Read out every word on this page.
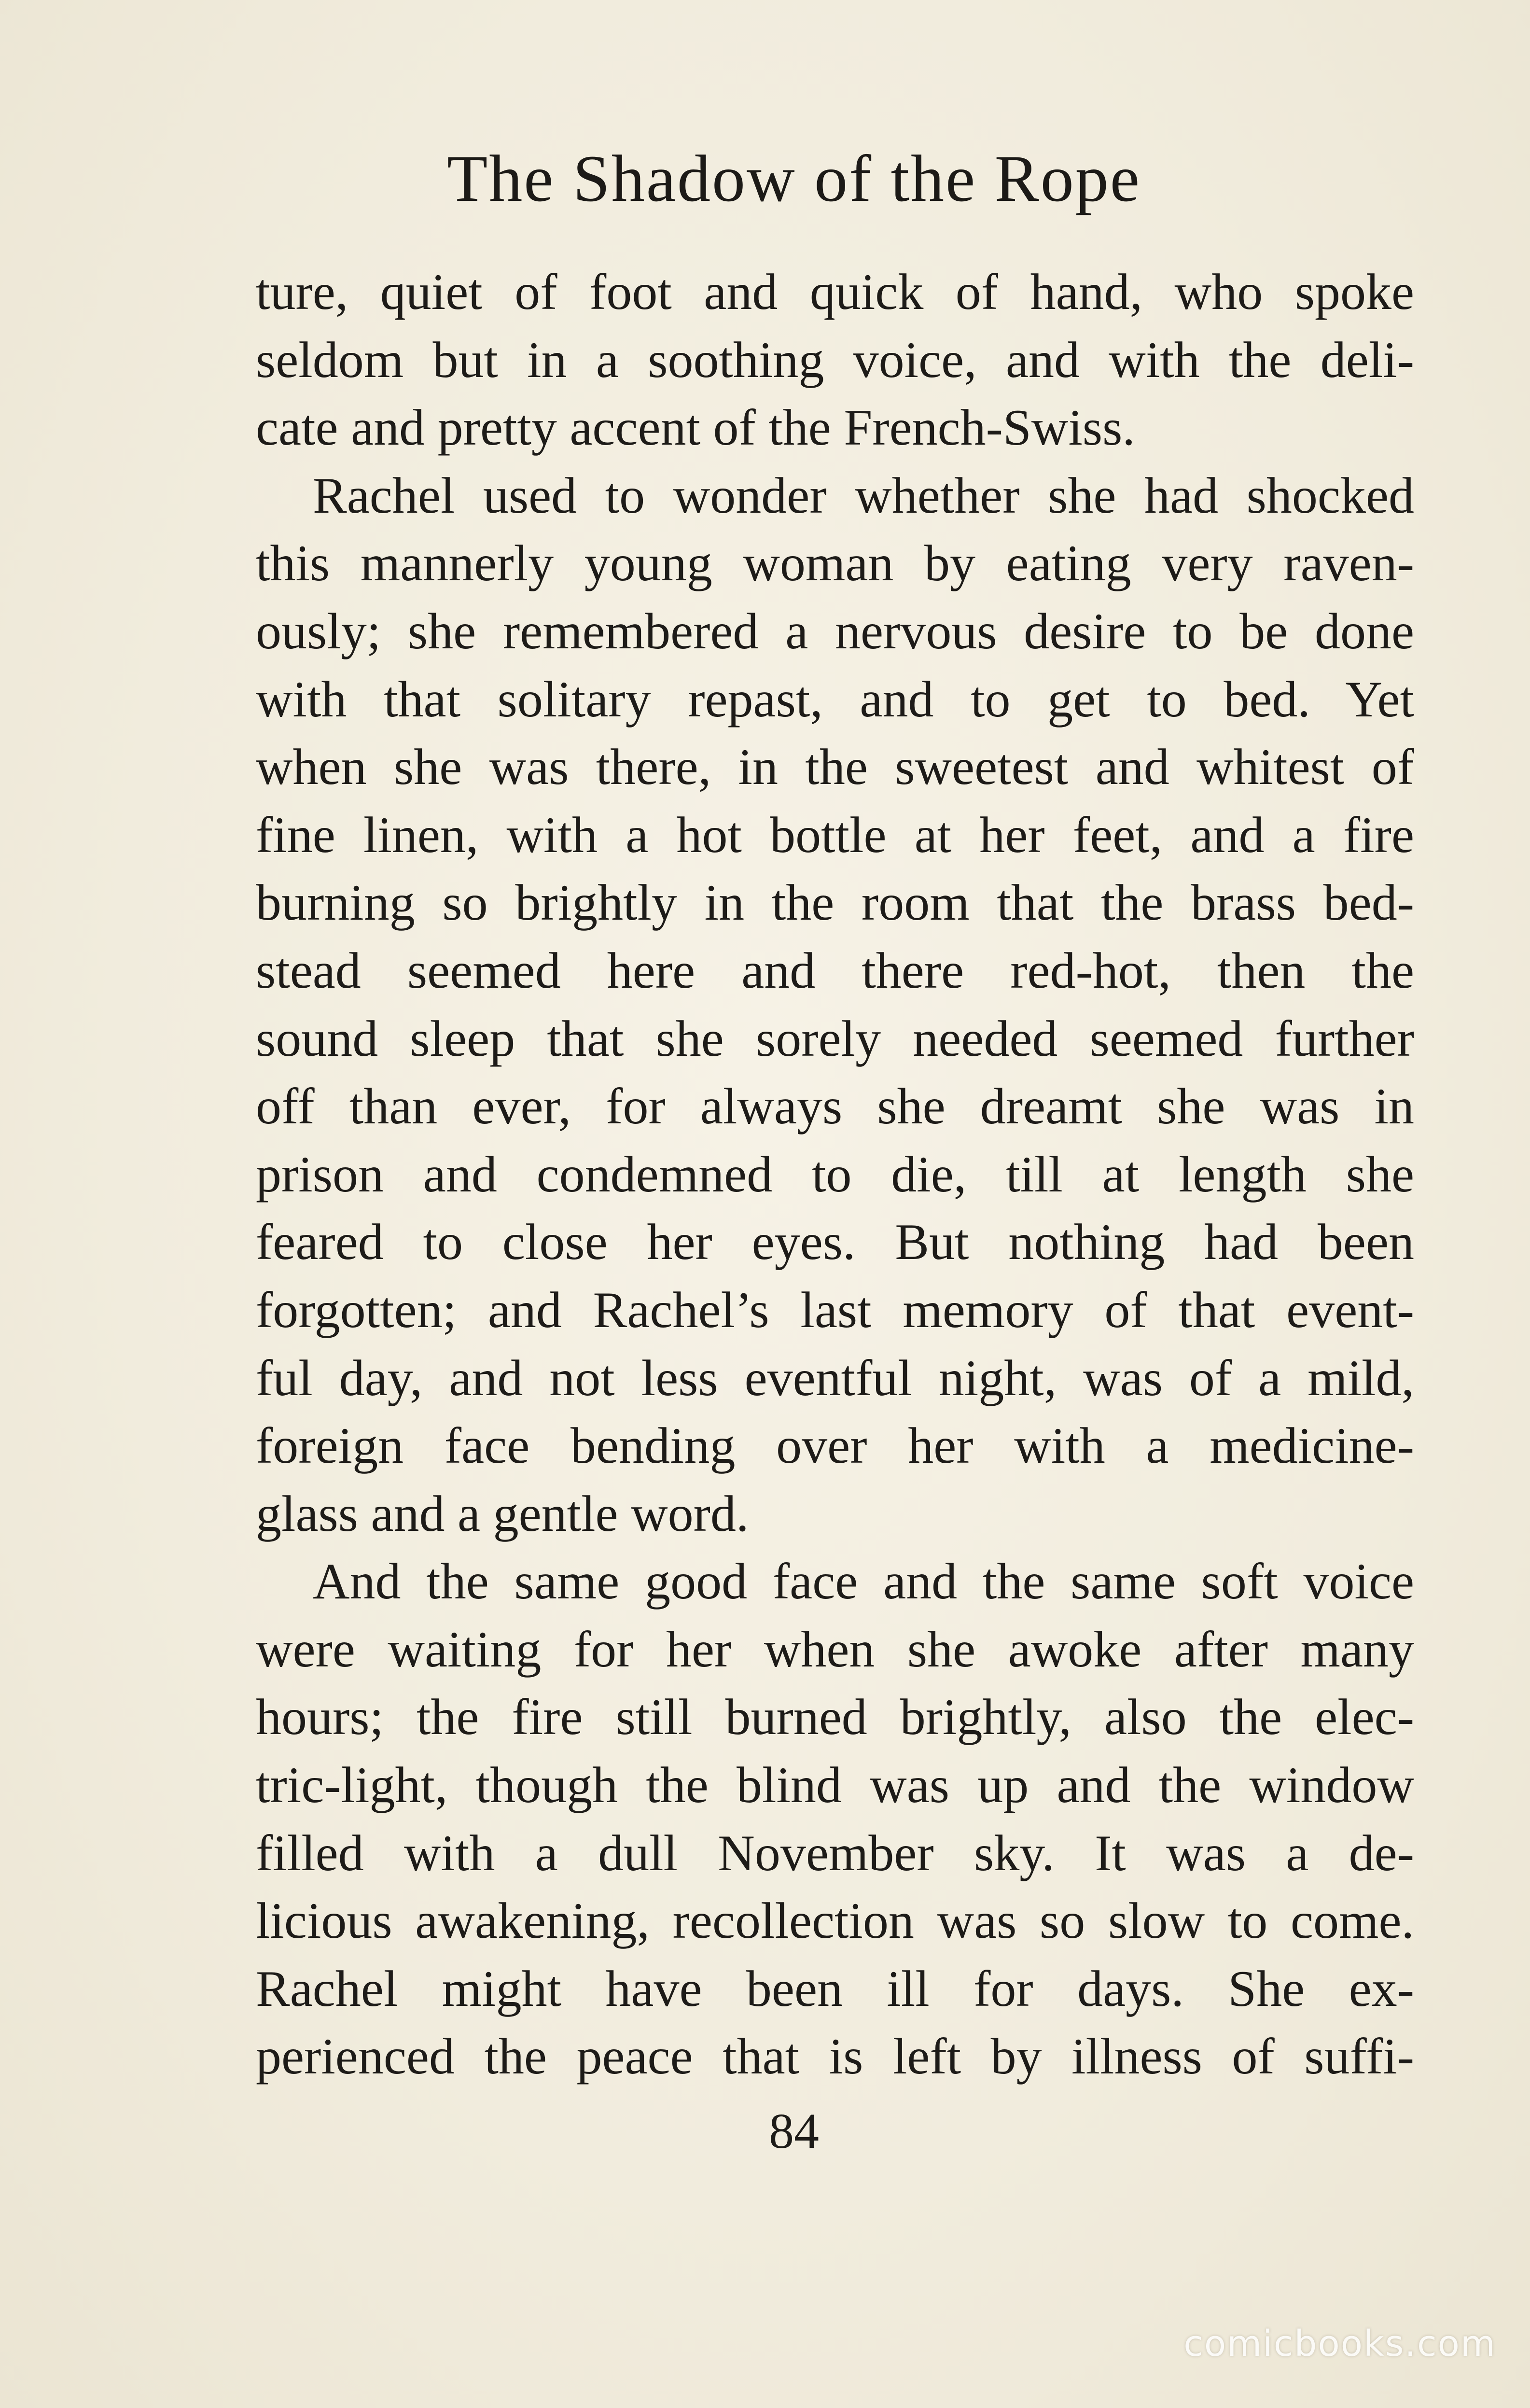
The Shadow of the Rope
ture, quiet of foot and quick of hand, who spoke
seldom but in a soothing voice, and with the deli-
cate and pretty accent of the French-Swiss.
Rachel used to wonder whether she had shocked
this mannerly young woman by eating very raven-
ously; she remembered a nervous desire to be done
with that solitary repast, and to get to bed. Yet
when she was there, in the sweetest and whitest of
fine linen, with a hot bottle at her feet, and a fire
burning so brightly in the room that the brass bed-
stead seemed here and there red-hot, then the
sound sleep that she sorely needed seemed further
off than ever, for always she dreamt she was in
prison and condemned to die, till at length she
feared to close her eyes. But nothing had been
forgotten; and Rachel’s last memory of that event-
ful day, and not less eventful night, was of a mild,
foreign face bending over her with a medicine-
glass and a gentle word.
And the same good face and the same soft voice
were waiting for her when she awoke after many
hours; the fire still burned brightly, also the elec-
tric-light, though the blind was up and the window
filled with a dull November sky. It was a de-
licious awakening, recollection was so slow to come.
Rachel might have been ill for days. She ex-
perienced the peace that is left by illness of suffi-
84
comicbooks.com
